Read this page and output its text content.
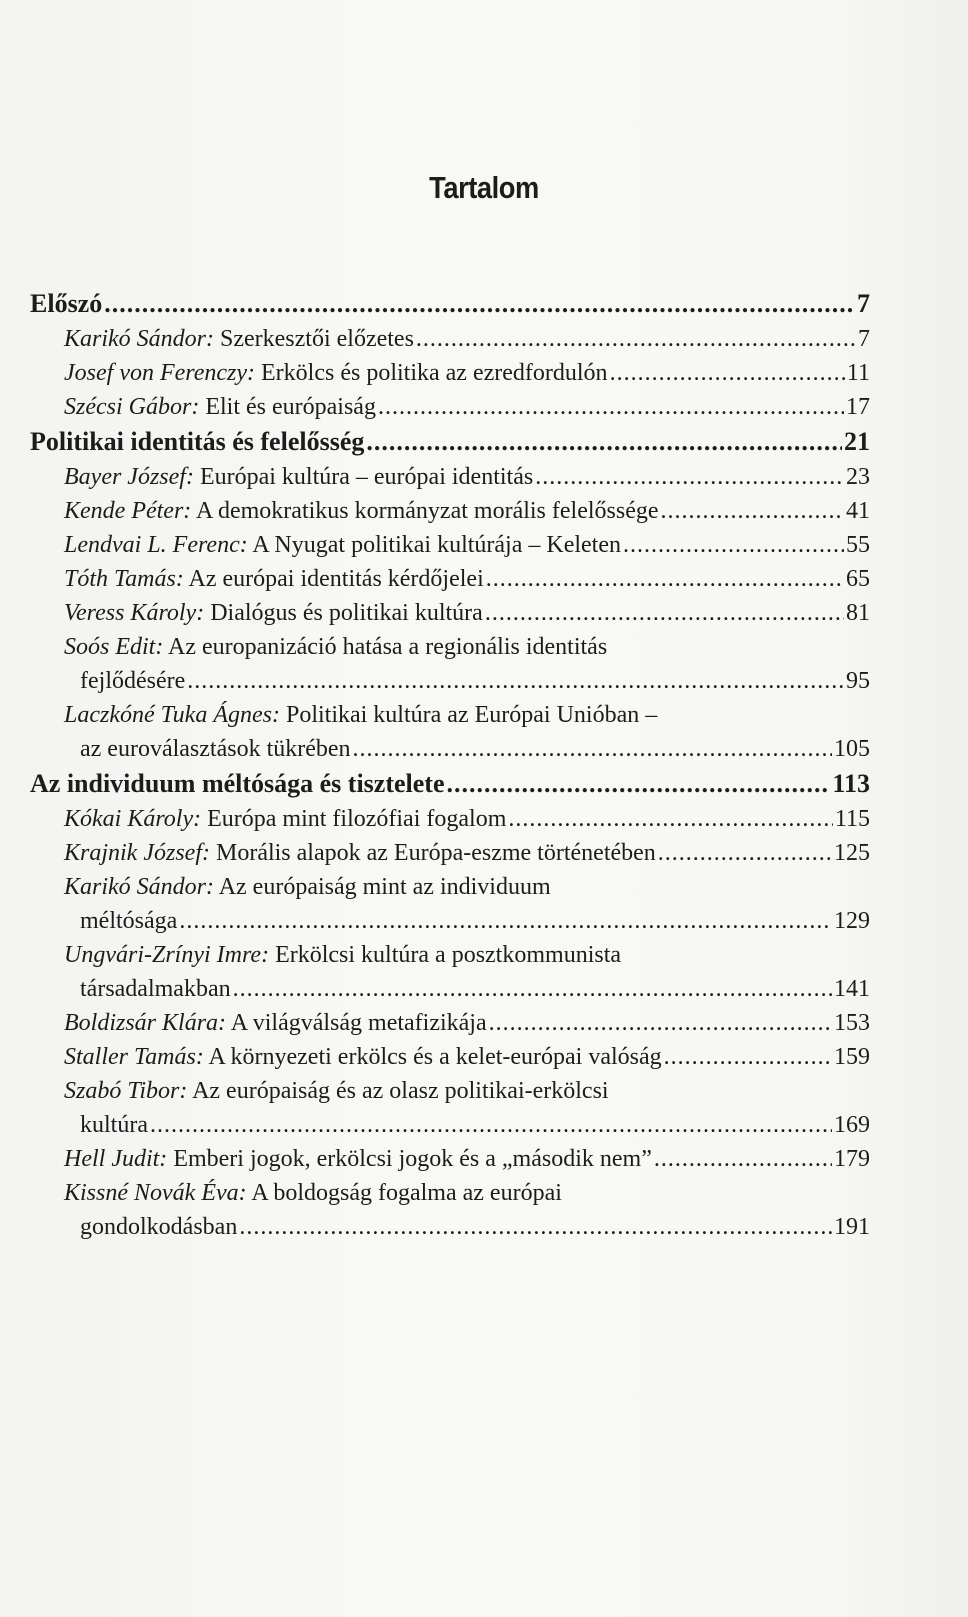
Tartalom
Előszó .....	7
Karikó Sándor: Szerkesztői előzetes .....	7
Josef von Ferenczy: Erkölcs és politika az ezredfordulón .....	11
Szécsi Gábor: Elit és európaiság .....	17
Politikai identitás és felelősség .....	21
Bayer József: Európai kultúra – európai identitás .....	23
Kende Péter: A demokratikus kormányzat morális felelőssége .....	41
Lendvai L. Ferenc: A Nyugat politikai kultúrája – Keleten .....	55
Tóth Tamás: Az európai identitás kérdőjelei .....	65
Veress Károly: Dialógus és politikai kultúra .....	81
Soós Edit: Az europanizáció hatása a regionális identitás
fejlődésére .....	95
Laczkóné Tuka Ágnes: Politikai kultúra az Európai Unióban –
az euroválasztások tükrében .....	105
Az individuum méltósága és tisztelete .....	113
Kókai Károly: Európa mint filozófiai fogalom .....	115
Krajnik József: Morális alapok az Európa-eszme történetében .....	125
Karikó Sándor: Az európaiság mint az individuum
méltósága .....	129
Ungvári-Zrínyi Imre: Erkölcsi kultúra a posztkommunista
társadalmakban .....	141
Boldizsár Klára: A világválság metafizikája .....	153
Staller Tamás: A környezeti erkölcs és a kelet-európai valóság .....	159
Szabó Tibor: Az európaiság és az olasz politikai-erkölcsi
kultúra .....	169
Hell Judit: Emberi jogok, erkölcsi jogok és a „második nem” .....	179
Kissné Novák Éva: A boldogság fogalma az európai
gondolkodásban .....	191
